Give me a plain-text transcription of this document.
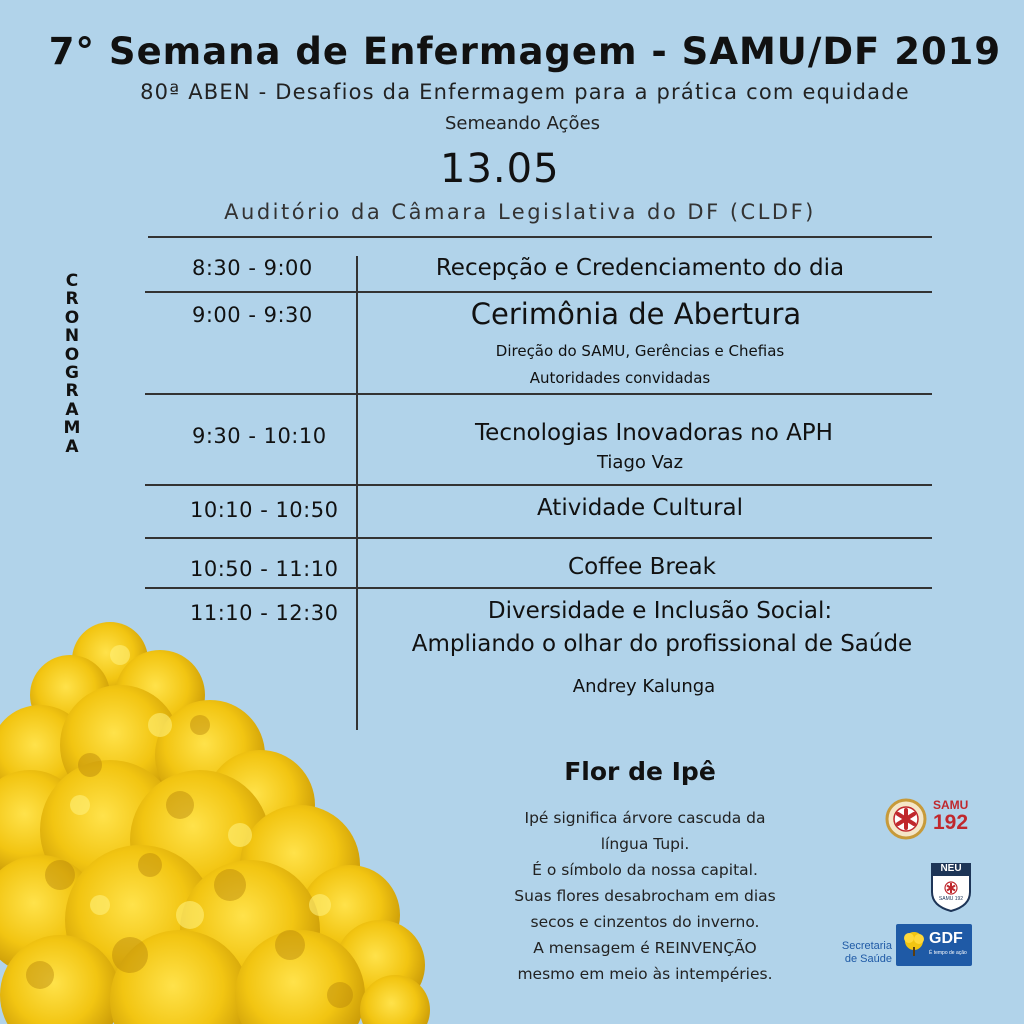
7° Semana de Enfermagem - SAMU/DF 2019
80ª ABEN - Desafios da Enfermagem para a prática com equidade
Semeando Ações
13.05
Auditório da Câmara Legislativa do DF (CLDF)
C
R
O
N
O
G
R
A
M
A
8:30 - 9:00	Recepção e Credenciamento do dia
9:00 - 9:30	Cerimônia de Abertura
Direção do SAMU, Gerências e Chefias
Autoridades convidadas
9:30 - 10:10	Tecnologias Inovadoras no APH
Tiago Vaz
10:10 - 10:50	Atividade Cultural
10:50 - 11:10	Coffee Break
11:10 - 12:30	Diversidade e Inclusão Social:
Ampliando o olhar do profissional de Saúde
Andrey Kalunga
Flor de Ipê
Ipé significa árvore cascuda da
língua Tupi.
É o símbolo da nossa capital.
Suas flores desabrocham em dias
secos e cinzentos do inverno.
A mensagem é REINVENÇÃO
mesmo em meio às intempéries.
SAMU
192
NEU
SAMU 192
Secretaria
de Saúde
GDF
É tempo de ação
